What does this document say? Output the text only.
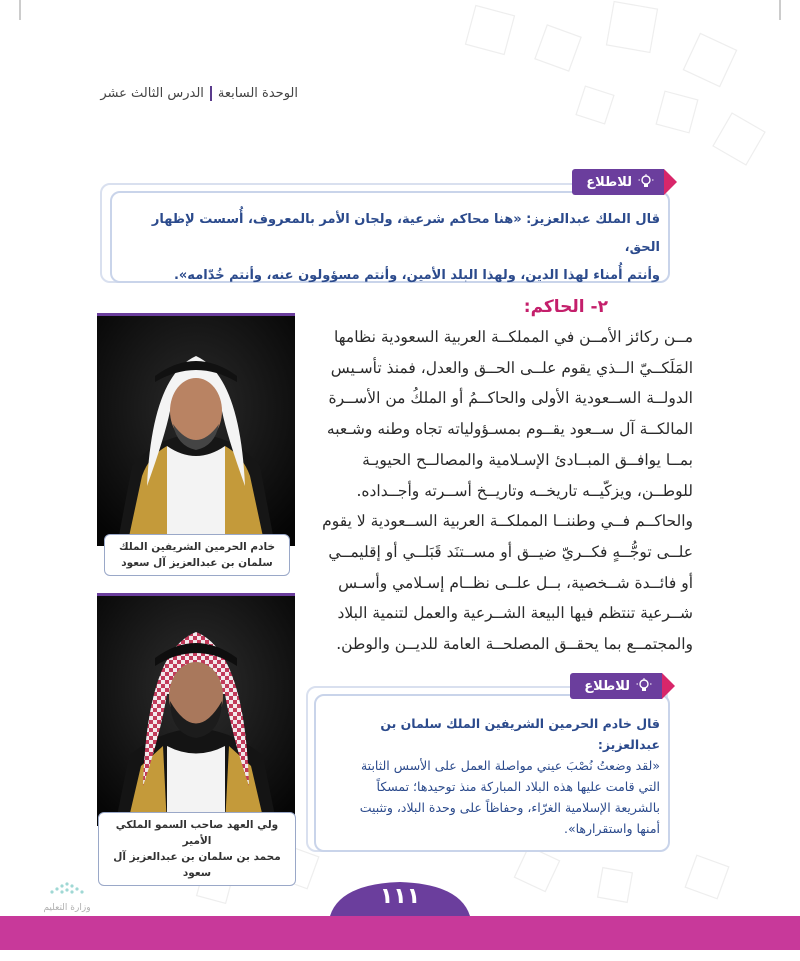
الوحدة السابعةالدرس الثالث عشر
للاطلاع
قال الملك عبدالعزيز: «هنا محاكم شرعية، ولجان الأمر بالمعروف، أُسست لإظهار الحق،
وأنتم أُمناء لهذا الدين، ولهذا البلد الأمين، وأنتم مسؤولون عنه، وأنتم خُدّامه».
٢- الحاكم:
مــن ركائز الأمــن في المملكــة العربية السعودية نظامها
المَلَكــيّ الــذي يقوم علــى الحــق والعدل، فمنذ تأسـيس
الدولــة الســعودية الأولى والحاكــمُ أو الملكُ من الأســرة
المالكــة آل ســعود يقــوم بمسـؤولياته تجاه وطنه وشـعبه
بمــا يوافــق المبــادئ الإسـلامية والمصالــح الحيويـة
للوطــن، ويزكّيــه تاريخــه وتاريــخ أســرته وأجــداده.
والحاكــم فــي وطننــا المملكــة العربية الســعودية لا يقوم
علــى توجُّــهٍ فكــريّ ضيــق أو مســتنَد قَبَلــي أو إقليمــي
أو فائــدة شــخصية، بــل علــى نظــام إسـلامي وأسـس
شــرعية تنتظم فيها البيعة الشــرعية والعمل لتنمية البلاد
والمجتمــع بما يحقــق المصلحــة العامة للديــن والوطن.
خادم الحرمين الشريفين الملك
سلمان بن عبدالعزيز آل سعود
ولي العهد صاحب السمو الملكي الأمير
محمد بن سلمان بن عبدالعزيز آل سعود
للاطلاع
قال خادم الحرمين الشريفين الملك سلمان بن عبدالعزيز:
«لقد وضعتُ نُصْبَ عيني مواصلة العمل على الأسس الثابتة
التي قامت عليها هذه البلاد المباركة منذ توحيدها؛ تمسكاً
بالشريعة الإسلامية الغرّاء، وحفاظاً على وحدة البلاد، وتثبيت
أمنها واستقرارها».
وزارة التعليم	١١١
